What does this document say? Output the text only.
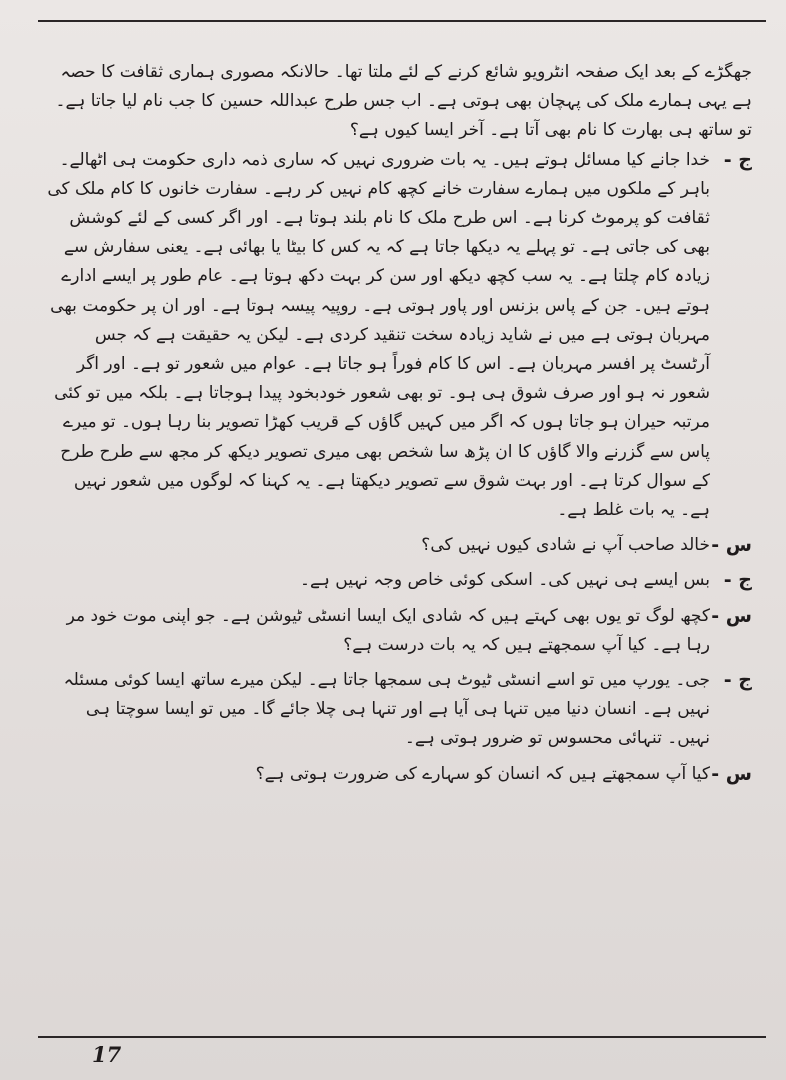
جھگڑے کے بعد ایک صفحہ انٹرویو شائع کرنے کے لئے ملتا تھا۔ حالانکہ مصوری ہماری ثقافت کا حصہ ہے یہی ہمارے ملک کی پہچان بھی ہوتی ہے۔ اب جس طرح عبداللہ حسین کا جب نام لیا جاتا ہے۔ تو ساتھ ہی بھارت کا نام بھی آتا ہے۔ آخر ایسا کیوں ہے؟

ج -
خدا جانے کیا مسائل ہوتے ہیں۔ یہ بات ضروری نہیں کہ ساری ذمہ داری حکومت ہی اٹھالے۔ باہر کے ملکوں میں ہمارے سفارت خانے کچھ کام نہیں کر رہے۔ سفارت خانوں کا کام ملک کی ثقافت کو پرموٹ کرنا ہے۔ اس طرح ملک کا نام بلند ہوتا ہے۔ اور اگر کسی کے لئے کوشش بھی کی جاتی ہے۔ تو پہلے یہ دیکھا جاتا ہے کہ یہ کس کا بیٹا یا بھائی ہے۔ یعنی سفارش سے زیادہ کام چلتا ہے۔ یہ سب کچھ دیکھ اور سن کر بہت دکھ ہوتا ہے۔ عام طور پر ایسے ادارے ہوتے ہیں۔ جن کے پاس بزنس اور پاور ہوتی ہے۔ روپیہ پیسہ ہوتا ہے۔ اور ان پر حکومت بھی مہربان ہوتی ہے میں نے شاید زیادہ سخت تنقید کردی ہے۔ لیکن یہ حقیقت ہے کہ جس آرٹسٹ پر افسر مہربان ہے۔ اس کا کام فوراً ہو جاتا ہے۔ عوام میں شعور تو ہے۔ اور اگر شعور نہ ہو اور صرف شوق ہی ہو۔ تو بھی شعور خودبخود پیدا ہوجاتا ہے۔ بلکہ میں تو کئی مرتبہ حیران ہو جاتا ہوں کہ اگر میں کہیں گاؤں کے قریب کھڑا تصویر بنا رہا ہوں۔ تو میرے پاس سے گزرنے والا گاؤں کا ان پڑھ سا شخص بھی میری تصویر دیکھ کر مجھ سے طرح طرح کے سوال کرتا ہے۔ اور بہت شوق سے تصویر دیکھتا ہے۔ یہ کہنا کہ لوگوں میں شعور نہیں ہے۔ یہ بات غلط ہے۔
س -
خالد صاحب آپ نے شادی کیوں نہیں کی؟
ج -
بس ایسے ہی نہیں کی۔ اسکی کوئی خاص وجہ نہیں ہے۔
س -
کچھ لوگ تو یوں بھی کہتے ہیں کہ شادی ایک ایسا انسٹی ٹیوشن ہے۔ جو اپنی موت خود مر رہا ہے۔ کیا آپ سمجھتے ہیں کہ یہ بات درست ہے؟
ج -
جی۔ یورپ میں تو اسے انسٹی ٹیوٹ ہی سمجھا جاتا ہے۔ لیکن میرے ساتھ ایسا کوئی مسئلہ نہیں ہے۔ انسان دنیا میں تنہا ہی آیا ہے اور تنہا ہی چلا جائے گا۔ میں تو ایسا سوچتا ہی نہیں۔ تنہائی محسوس تو ضرور ہوتی ہے۔
س -
کیا آپ سمجھتے ہیں کہ انسان کو سہارے کی ضرورت ہوتی ہے؟
17
